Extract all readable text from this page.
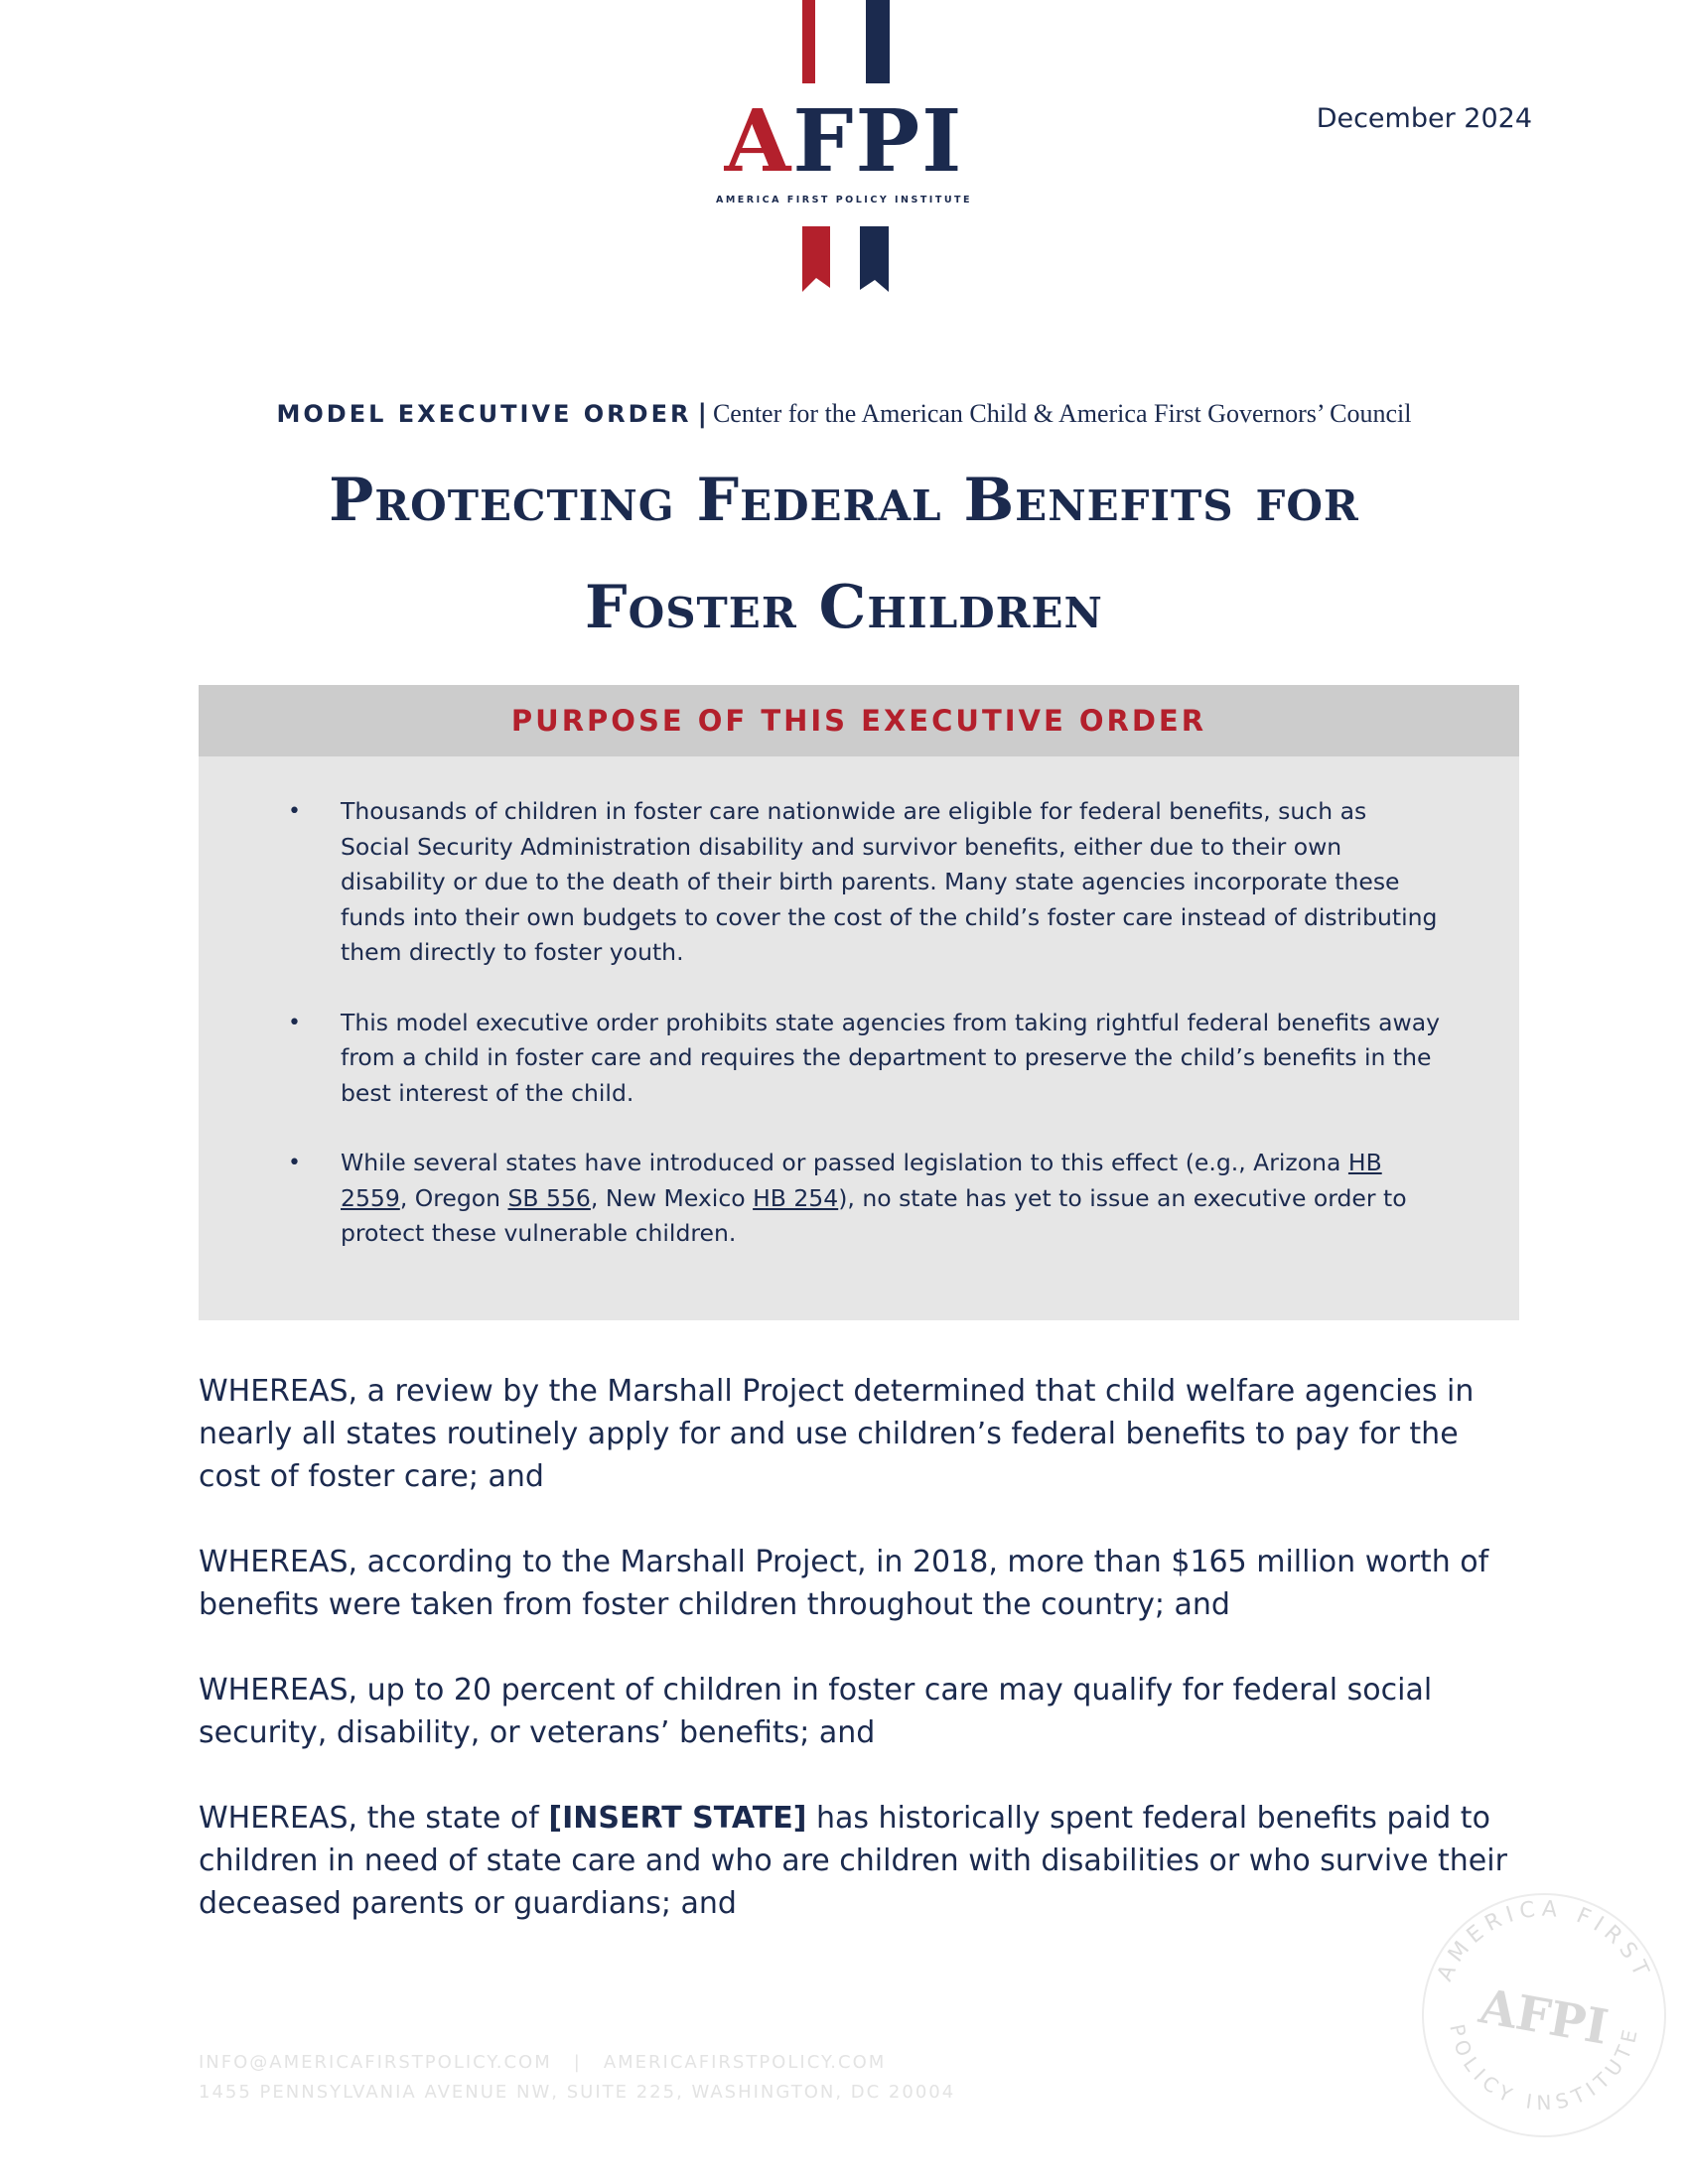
AFPI
AMERICA FIRST POLICY INSTITUTE
December 2024
MODEL EXECUTIVE ORDER | Center for the American Child & America First Governors’ Council
Protecting Federal Benefits for
Foster Children
PURPOSE OF THIS EXECUTIVE ORDER
• Thousands of children in foster care nationwide are eligible for federal benefits, such as Social Security Administration disability and survivor benefits, either due to their own disability or due to the death of their birth parents. Many state agencies incorporate these funds into their own budgets to cover the cost of the child’s foster care instead of distributing them directly to foster youth.
• This model executive order prohibits state agencies from taking rightful federal benefits away from a child in foster care and requires the department to preserve the child’s benefits in the best interest of the child.
• While several states have introduced or passed legislation to this effect (e.g., Arizona HB 2559, Oregon SB 556, New Mexico HB 254), no state has yet to issue an executive order to protect these vulnerable children.
WHEREAS, a review by the Marshall Project determined that child welfare agencies in nearly all states routinely apply for and use children’s federal benefits to pay for the cost of foster care; and
WHEREAS, according to the Marshall Project, in 2018, more than $165 million worth of benefits were taken from foster children throughout the country; and
WHEREAS, up to 20 percent of children in foster care may qualify for federal social security, disability, or veterans’ benefits; and
WHEREAS, the state of [INSERT STATE] has historically spent federal benefits paid to children in need of state care and who are children with disabilities or who survive their deceased parents or guardians; and
INFO@AMERICAFIRSTPOLICY.COM | AMERICAFIRSTPOLICY.COM
1455 PENNSYLVANIA AVENUE NW, SUITE 225, WASHINGTON, DC 20004
AMERICA FIRST
POLICY INSTITUTE
AFPI
